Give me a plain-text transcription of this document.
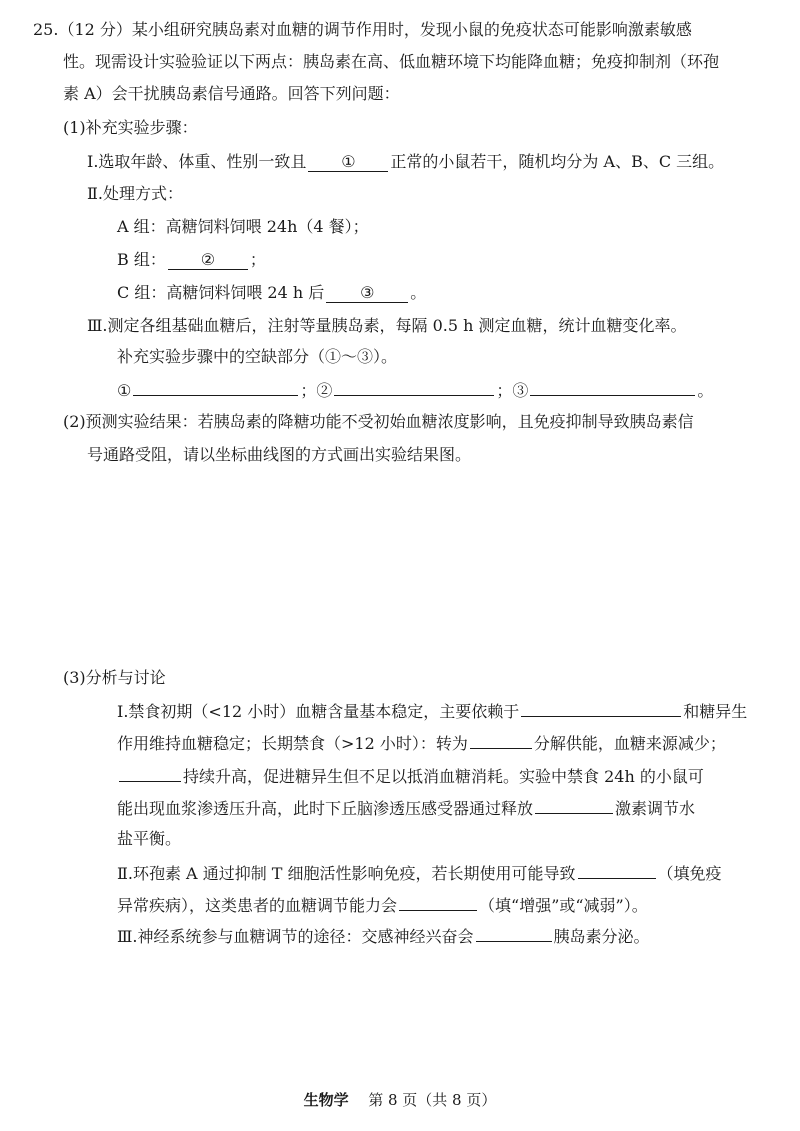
25.（12 分）某小组研究胰岛素对血糖的调节作用时，发现小鼠的免疫状态可能影响激素敏感
性。现需设计实验验证以下两点：胰岛素在高、低血糖环境下均能降血糖；免疫抑制剂（环孢
素 A）会干扰胰岛素信号通路。回答下列问题：
(1)补充实验步骤：
Ⅰ.选取年龄、体重、性别一致且 ① 正常的小鼠若干，随机均分为 A、B、C 三组。
Ⅱ.处理方式：
A 组：高糖饲料饲喂 24h（4 餐）；
B 组： ② ；
C 组：高糖饲料饲喂 24 h 后 ③ 。
Ⅲ.测定各组基础血糖后，注射等量胰岛素，每隔 0.5 h 测定血糖，统计血糖变化率。
补充实验步骤中的空缺部分（①～③）。
①	；②	；③	。
(2)预测实验结果：若胰岛素的降糖功能不受初始血糖浓度影响，且免疫抑制导致胰岛素信
号通路受阻，请以坐标曲线图的方式画出实验结果图。
(3)分析与讨论
Ⅰ.禁食初期（<12 小时）血糖含量基本稳定，主要依赖于	和糖异生
作用维持血糖稳定；长期禁食（>12 小时）：转为	分解供能，血糖来源减少；
持续升高，促进糖异生但不足以抵消血糖消耗。实验中禁食 24h 的小鼠可
能出现血浆渗透压升高，此时下丘脑渗透压感受器通过释放	激素调节水
盐平衡。
Ⅱ.环孢素 A 通过抑制 T 细胞活性影响免疫，若长期使用可能导致	（填免疫
异常疾病），这类患者的血糖调节能力会	（填“增强”或“减弱”）。
Ⅲ.神经系统参与血糖调节的途径：交感神经兴奋会	胰岛素分泌。
生物学 第 8 页（共 8 页）
